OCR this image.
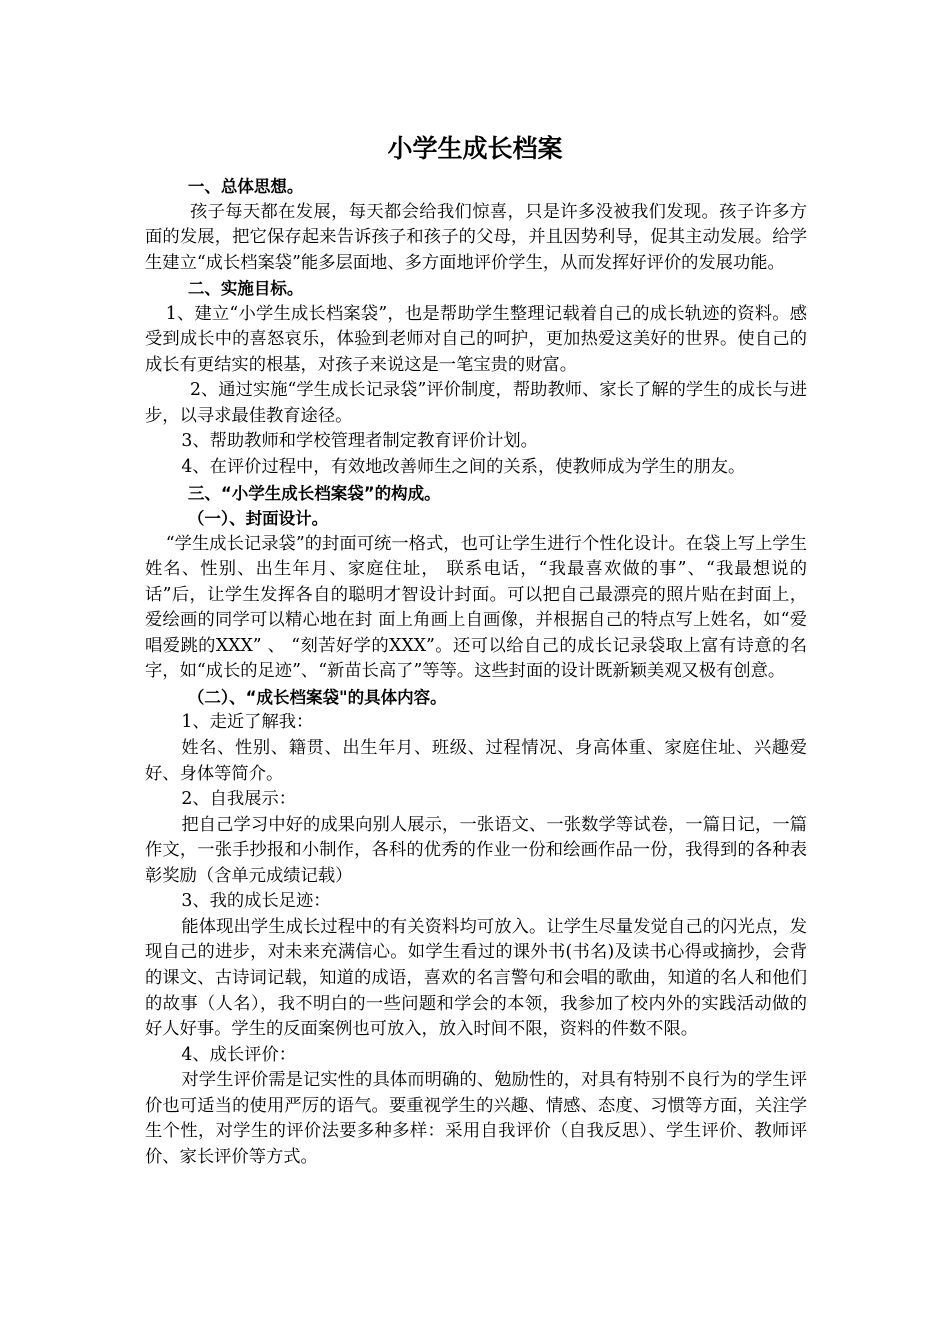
小学生成长档案

一、总体思想。

孩子每天都在发展，每天都会给我们惊喜，只是许多没被我们发现。孩子许多方面的发展，把它保存起来告诉孩子和孩子的父母，并且因势利导，促其主动发展。给学生建立“成长档案袋”能多层面地、多方面地评价学生，从而发挥好评价的发展功能。

二、实施目标。

1、建立“小学生成长档案袋”，也是帮助学生整理记载着自己的成长轨迹的资料。感受到成长中的喜怒哀乐，体验到老师对自己的呵护，更加热爱这美好的世界。使自己的成长有更结实的根基，对孩子来说这是一笔宝贵的财富。

2、通过实施“学生成长记录袋”评价制度，帮助教师、家长了解的学生的成长与进步，以寻求最佳教育途径。

3、帮助教师和学校管理者制定教育评价计划。

4、在评价过程中，有效地改善师生之间的关系，使教师成为学生的朋友。

三、“小学生成长档案袋”的构成。

（一）、封面设计。

“学生成长记录袋”的封面可统一格式，也可让学生进行个性化设计。在袋上写上学生姓名、性别、出生年月、家庭住址， 联系电话，“我最喜欢做的事”、“我最想说的话”后，让学生发挥各自的聪明才智设计封面。可以把自己最漂亮的照片贴在封面上，爱绘画的同学可以精心地在封 面上角画上自画像，并根据自己的特点写上姓名，如“爱唱爱跳的XXX” 、 “刻苦好学的XXX”。还可以给自己的成长记录袋取上富有诗意的名字，如“成长的足迹”、“新苗长高了”等等。这些封面的设计既新颖美观又极有创意。

（二）、“成长档案袋"的具体内容。

1、走近了解我：

姓名、性别、籍贯、出生年月、班级、过程情况、身高体重、家庭住址、兴趣爱好、身体等简介。

2、自我展示：

把自己学习中好的成果向别人展示，一张语文、一张数学等试卷，一篇日记，一篇作文，一张手抄报和小制作，各科的优秀的作业一份和绘画作品一份，我得到的各种表彰奖励（含单元成绩记载）

3、我的成长足迹：

能体现出学生成长过程中的有关资料均可放入。让学生尽量发觉自己的闪光点，发现自己的进步，对未来充满信心。如学生看过的课外书(书名)及读书心得或摘抄，会背的课文、古诗词记载，知道的成语，喜欢的名言警句和会唱的歌曲，知道的名人和他们的故事（人名），我不明白的一些问题和学会的本领，我参加了校内外的实践活动做的好人好事。学生的反面案例也可放入，放入时间不限，资料的件数不限。

4、成长评价：

对学生评价需是记实性的具体而明确的、勉励性的，对具有特别不良行为的学生评价也可适当的使用严厉的语气。要重视学生的兴趣、情感、态度、习惯等方面，关注学生个性，对学生的评价法要多种多样：采用自我评价（自我反思）、学生评价、教师评价、家长评价等方式。
